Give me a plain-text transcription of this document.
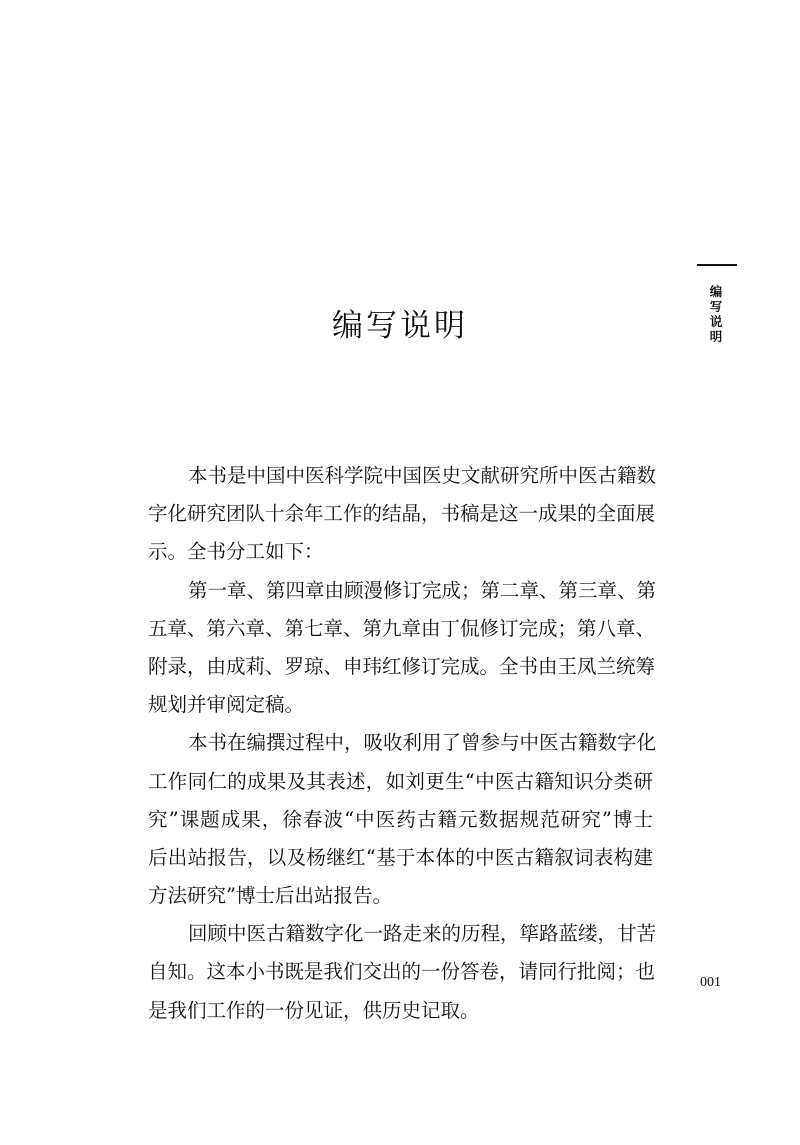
编写说明
编
写
说
明
001
本书是中国中医科学院中国医史文献研究所中医古籍数
字化研究团队十余年工作的结晶，书稿是这一成果的全面展
示。全书分工如下：
第一章、第四章由顾漫修订完成；第二章、第三章、第
五章、第六章、第七章、第九章由丁侃修订完成；第八章、
附录，由成莉、罗琼、申玮红修订完成。全书由王凤兰统筹
规划并审阅定稿。
本书在编撰过程中，吸收利用了曾参与中医古籍数字化
工作同仁的成果及其表述，如刘更生“中医古籍知识分类研
究”课题成果，徐春波“中医药古籍元数据规范研究”博士
后出站报告，以及杨继红“基于本体的中医古籍叙词表构建
方法研究”博士后出站报告。
回顾中医古籍数字化一路走来的历程，筚路蓝缕，甘苦
自知。这本小书既是我们交出的一份答卷，请同行批阅；也
是我们工作的一份见证，供历史记取。
